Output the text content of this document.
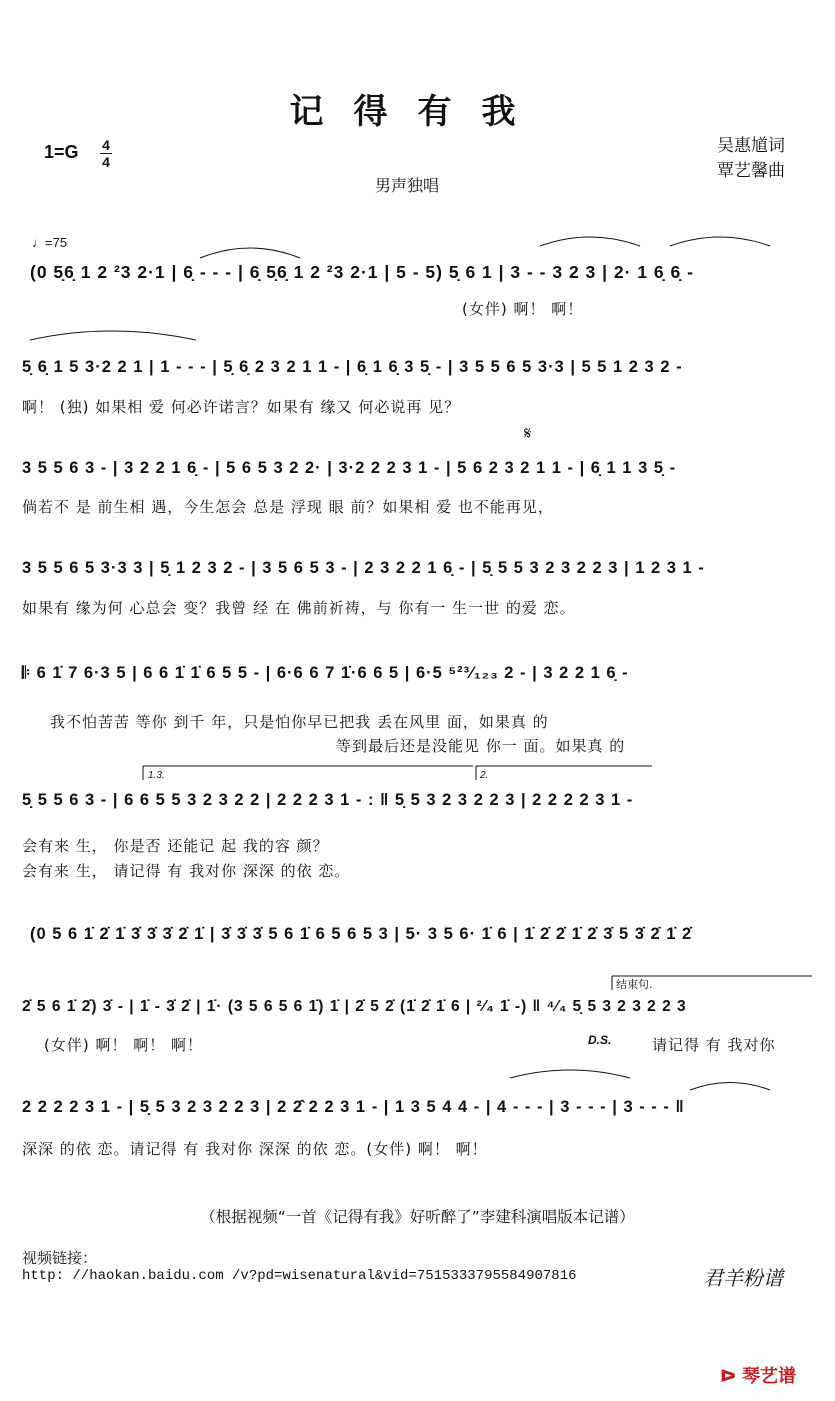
记得有我
1=G 4
4
吴惠馗词
覃艺馨曲
男声独唱
♩=75
(0 5̣6̣ 1 2 ²3 2·1 | 6̣ - - - | 6̣ 5̣6̣ 1 2 ²3 2·1 | 5 - 5) 5̣ 6 1 | 3 - - 3 2 3 | 2· 1 6̣ 6̣ -
(女伴) 啊！ 啊！
5̣ 6̣ 1 5 3·2 2 1 | 1 - - - | 5̣ 6̣ 2 3 2 1 1 - | 6̣ 1 6̣ 3 5̣ - | 3 5 5 6 5 3·3 | 5 5 1 2 3 2 -
啊！ (独) 如果相 爱 何必许诺言？如果有 缘又 何必说再 见？
𝄋
3 5 5 6 3 - | 3 2 2 1 6̣ - | 5 6 5 3 2 2· | 3·2 2 2 3 1 - | 5 6 2 3 2 1 1 - | 6̣ 1 1 3 5̣ -
倘若不 是 前生相 遇，今生怎会 总是 浮现 眼 前？如果相 爱 也不能再见，
3 5 5 6 5 3·3 3 | 5̣ 1 2 3 2 - | 3 5 6 5 3 - | 2 3 2 2 1 6̣ - | 5̣ 5 5 3 2 3 2 2 3 | 1 2 3 1 -
如果有 缘为何 心总会 变？我曾 经 在 佛前祈祷，与 你有一 生一世 的爱 恋。
𝄆 6 1̇ 7 6·3 5 | 6 6 1̇ 1̇ 6 5 5 - | 6·6 6 7 1̇·6 6 5 | 6·5 ⁵²³⁄₁₂₃ 2 - | 3 2 2 1 6̣ -
我不怕苦苦 等你 到千 年，只是怕你早已把我 丢在风里 面，如果真 的
等到最后还是没能见 你一 面。如果真 的
1.3.	2.
5̣ 5 5 6 3 - | 6 6 5 5 3 2 3 2 2 | 2 2 2 3 1 - : ‖ 5̣ 5 3 2 3 2 2 3 | 2 2 2 2 3 1 -
会有来 生， 你是否 还能记 起 我的容 颜？
会有来 生， 请记得 有 我对你 深深 的依 恋。
(0 5 6 1̇ 2̇ 1̇ 3̇ 3̇ 3̇ 2̇ 1̇ | 3̇ 3̇ 3̇ 5 6 1̇ 6 5 6 5 3 | 5· 3 5 6· 1̇ 6 | 1̇ 2̇ 2̇ 1̇ 2̇ 3̇ 5 3̇ 2̇ 1̇ 2̇
结束句.
2̇ 5 6 1̇ 2̇) 3̇ - | 1̇ - 3̇ 2̇ | 1̇· (3 5 6 5 6 1̇) 1̇ | 2̇ 5 2̇ (1̇ 2̇ 1̇ 6 | ²⁄₄ 1̇ -) ‖ ⁴⁄₄ 5̣ 5 3 2 3 2 2 3
(女伴) 啊！ 啊！ 啊！	D.S.	请记得 有 我对你
2 2 2 2 3 1 - | 5̣ 5 3 2 3 2 2 3 | 2 2̂ 2 2 3 1 - | 1 3 5 4 4 - | 4 - - - | 3 - - - | 3 - - - ‖
深深 的依 恋。请记得 有 我对你 深深 的依 恋。(女伴) 啊！ 啊！
（根据视频“一首《记得有我》好听醉了”李建科演唱版本记谱）
视频链接：
http: //haokan.baidu.com /v?pd=wisenatural&vid=7515333795584907816	君羊粉谱
ᐅ 琴艺谱
